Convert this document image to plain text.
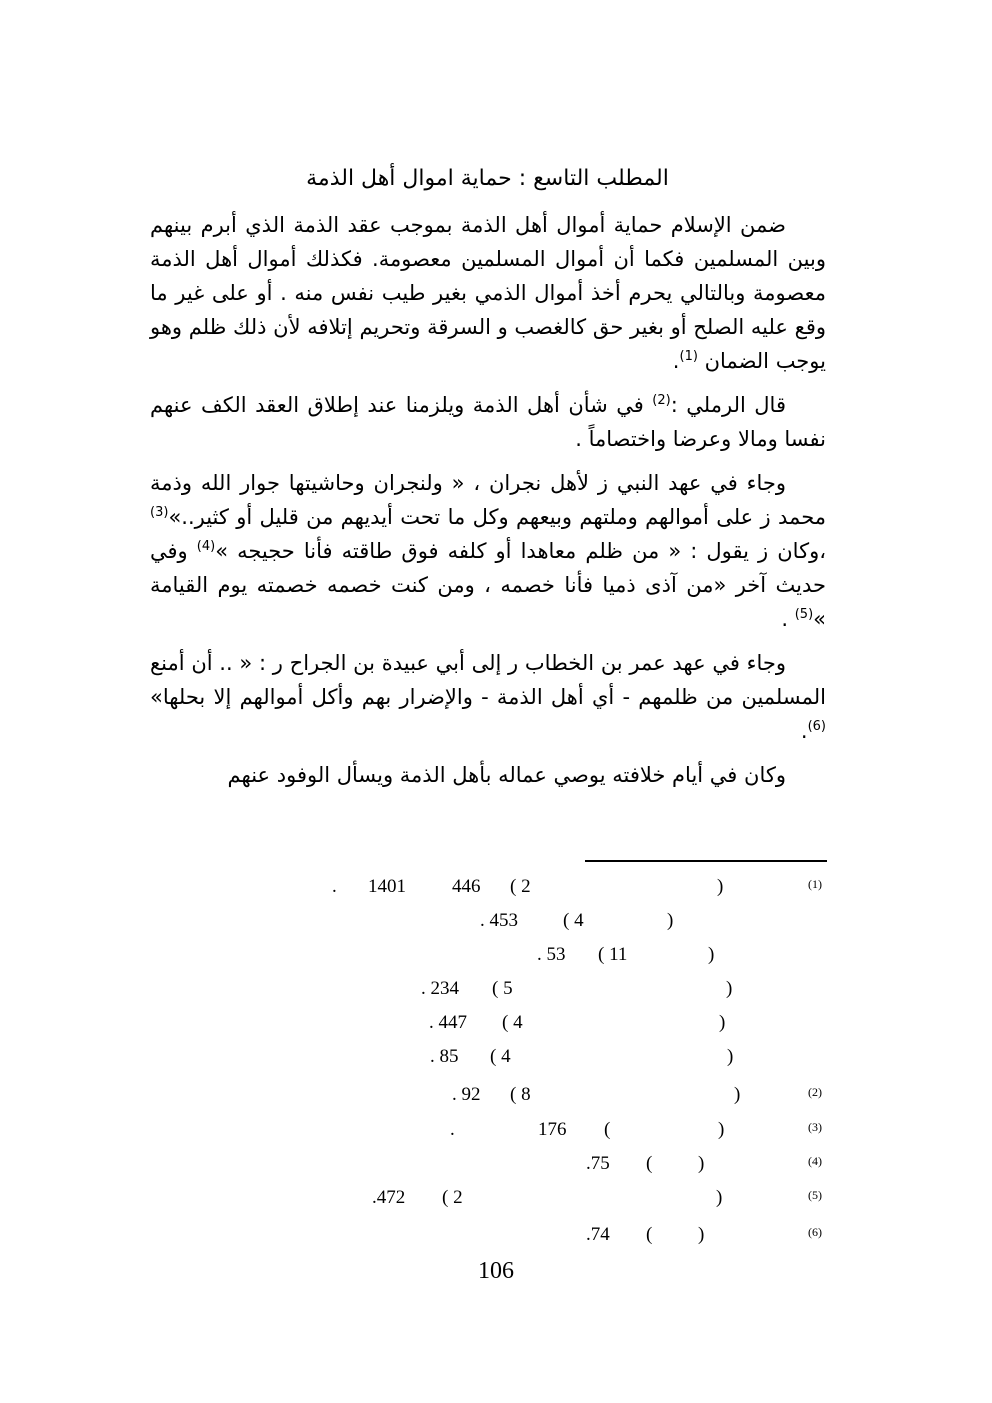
المطلب التاسع : حماية اموال أهل الذمة

ضمن الإسلام حماية أموال أهل الذمة بموجب عقد الذمة الذي أبرم بينهم وبين المسلمين فكما أن أموال المسلمين معصومة. فكذلك أموال أهل الذمة معصومة وبالتالي يحرم أخذ أموال الذمي بغير طيب نفس منه . أو على غير ما وقع عليه الصلح أو بغير حق كالغصب و السرقة وتحريم إتلافه لأن ذلك ظلم وهو يوجب الضمان $^{(1)}$.

قال الرملي :$^{(2)}$ في شأن أهل الذمة ويلزمنا عند إطلاق العقد الكف عنهم نفسا ومالا وعرضا واختصاماً .

وجاء في عهد النبي ز لأهل نجران ، « ولنجران وحاشيتها جوار الله وذمة محمد ز على أموالهم وملتهم وبيعهم وكل ما تحت أيديهم من قليل أو كثير..»$^{(3)}$ ،وكان ز يقول : « من ظلم معاهدا أو كلفه فوق طاقته فأنا حجيجه »$^{(4)}$ وفي حديث آخر «من آذى ذميا فأنا خصمه ، ومن كنت خصمه خصمته يوم القيامة »$^{(5)}$ .

وجاء في عهد عمر بن الخطاب ر إلى أبي عبيدة بن الجراح ر : « .. أن أمنع المسلمين من ظلمهم - أي أهل الذمة - والإضرار بهم وأكل أموالهم إلا بحلها» $^{(6)}$.

وكان في أيام خلافته يوصي عماله بأهل الذمة ويسأل الوفود عنهم

(1)
)
( 2
446
1401
.
)
( 4
. 453
)
( 11
. 53
)
( 5
. 234
)
( 4
. 447
)
( 4
. 85
(2)
)
( 8
. 92
(3)
)
(
176
.
(4)
)
(
.75
(5)
)
( 2
.472
(6)
)
(
.74
106
